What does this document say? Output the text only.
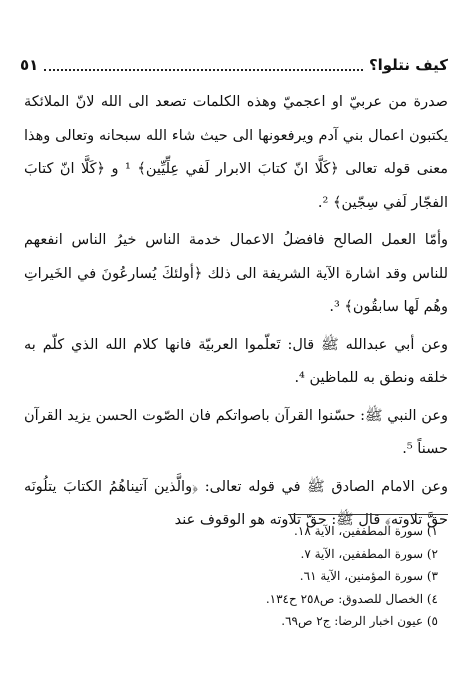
كيف نتلوا؟
٥١

صدرة من عربيّ او اعجميّ وهذه الكلمات تصعد الى الله لانّ الملائكة يكتبون اعمال بني آدم ويرفعونها الى حيث شاء الله سبحانه وتعالى وهذا معنى قوله تعالى ﴿كَلَّا انّ كتابَ الابرار لَفي عِلِّيِّين﴾ ¹ و ﴿كَلَّا انّ كتابَ الفجّار لَفي سِجّين﴾ ².

وأمّا العمل الصالح فافضلُ الاعمال خدمة الناس خيرُ الناس انفعهم للناس وقد اشارة الآية الشريفة الى ذلك ﴿أولئكَ يُسارعُونَ في الخَيراتِ وهُم لَها سابقُون﴾ ³.

وعن أبي عبدالله ﷺ قال: تَعلّموا العربيّة فانها كلام الله الذي كلّم به خلقه ونطق به للماظين ⁴.

وعن النبي ﷺ: حسّنوا القرآن باصواتكم فان الصّوت الحسن يزيد القرآن حسناً ⁵.

وعن الامام الصادق ﷺ في قوله تعالى: ﴿والَّذين آتيناهُمُ الكتابَ يتلُونَه حقَّ تلاوته﴾ قال ﷺ: حقّ تلاوته هو الوقوف عند

١) سورة المطففين، الآية ١٨.
٢) سورة المطففين، الآية ٧.
٣) سورة المؤمنين، الآية ٦١.
٤) الخصال للصدوق: ص٢٥٨ ح١٣٤.
٥) عيون اخبار الرضا: ج٢ ص٦٩.
